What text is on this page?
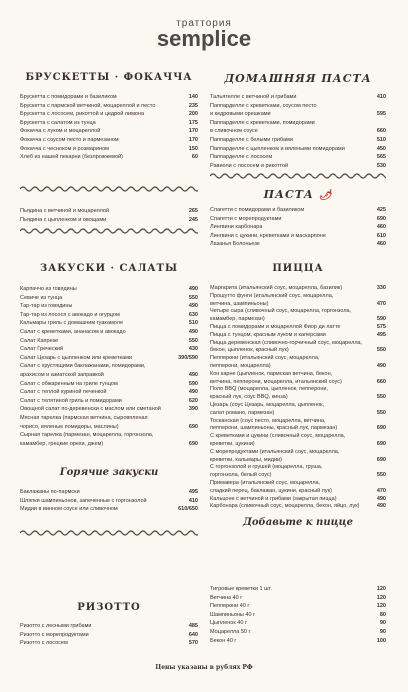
траттория
semplice
БРУСКЕТТЫ · ФОКАЧЧА
Брускетта с помидорами и базиликом	140
Брускетта с пармской ветчиной, моцареллой и песто	235
Брускетта с лососем, рикоттой и цедрой лимона	200
Брускетта с салатом из тунца	175
Фокачча с луком и моцареллой	170
Фокачча с соусом песто и пармезаном	170
Фокачча с чесноком и розмарином	150
Хлеб из нашей пекарни (безлрожжевой)	60
Пьядина с ветчиной и моцареллой	265
Пьядина с цыпленком и овощами	245
ЗАКУСКИ · САЛАТЫ
Карпаччо из говядины	490
Севиче из тунца	550
Тар-тар из говядины	490
Тар-тар из лосося с авокадо и огурцом	630
Кальмары гриль с домашним гуакамоле	510
Салат с креветками, ананасом и авокадо	490
Салат Капрезе	550
Салат Греческий	430
Салат Цезарь с цыпленком или креветками	390/590
Салат с хрустящими баклажанами, помидорами,
арахисом и азиатской заправкой	490
Салат с обжаренным на гриле тунцом	590
Салат с теплой куриной печенкой	490
Салат с телятиной гриль и помидорами	620
Овощной салат по-деревенски с маслом или сметаной	390
Мясная тарелка (пармская ветчина, сыровяленая
чорисо, вяленые помидоры, маслины)	690
Сырная тарелка (пармезан, моцарелла, горгонзола,
камамбер, грецкие орехи, джем)	690
Горячие закуски
Баклажаны по-пармски	495
Шляпки шампиньонов, запеченные с горгонзолой	410
Мидии в винном соусе или сливочном	610/650
РИЗОТТО
Ризотто с лесными грибами	485
Ризотто с морепродуктами	640
Ризотто с лососем	570
ДОМАШНЯЯ ПАСТА
Тальятелле с ветчиной и грибами	410
Паппарделле с креветками, соусом песто
и кедровыми орешками	595
Паппарделле с креветками, помидорами
в сливочном соусе	660
Паппарделле с белыми грибами	510
Паппарделле с цыпленком и вялеными помидорами	450
Паппарделле с лососем	565
Равиоли с лососем и рикоттой	530
ПАСТА 🌶
Спагетти с помидорами и базиликом	425
Спагетти с морепродуктами	690
Лингвини карбонара	460
Лингвини с цукини, креветками и маскарпоне	610
Лазанья Болоньезе	460
ПИЦЦА
Маргарита (итальянский соус, моцарелла, базилик)	330
Прошутто фунги (итальянский соус, моцарелла,
ветчина, шампиньоны)	470
Четыре сыра (сливочный соус, моцарелла, горгонзола,
камамбер, пармезан)	590
Пицца с помидорами и моцареллой Фиор ди латте	575
Пицца с тунцом, красным луком и каперсами	495
Пицца деревенская (сливочно-горчичный соус, моцарелла,
бекон, цыпленок, красный лук)	550
Пепперони (итальянский соус, моцарелла,
пепперони, моцарелла)	490
Кон карне (цыпленок, пармская ветчина, бекон,
ветчина, пепперони, моцарелла, итальянский соус)	660
Поло BBQ (моцарелла, цыпленок, пепперони,
красный лук, соус BBQ, кинза)	550
Цезарь (соус Цезарь, моцарелла, цыпленок,
салат романо, пармезан)	550
Тосканская (соус песто, моцарелла, ветчина,
пепперони, шампиньоны, красный лук, пармезан)	690
С креветками и цукини (сливочный соус, моцарелла,
креветки, цукини)	690
С морепродуктами (итальянский соус, моцарелла,
креветки, кальмары, мидии)	690
С горгонзолой и грушей (моцарелла, груша,
горгонзола, белый соус)	550
Примавера (итальянский соус, моцарелла,
сладкий перец, баклажан, цукини, красный лук)	470
Кальцоне с ветчиной и грибами (закрытая пицца)	490
Карбонара (сливочный соус, моцарелла, бекон, яйцо, лук)	490
Добавьте к пицце
Тигровые креветки 1 шт.	120
Ветчина 40 г	120
Пепперони 40 г	120
Шампиньоны 40 г	80
Цыпленок 40 г	90
Моцарелла 50 г	90
Бекон 40 г	100
Цены указаны в рублях РФ
